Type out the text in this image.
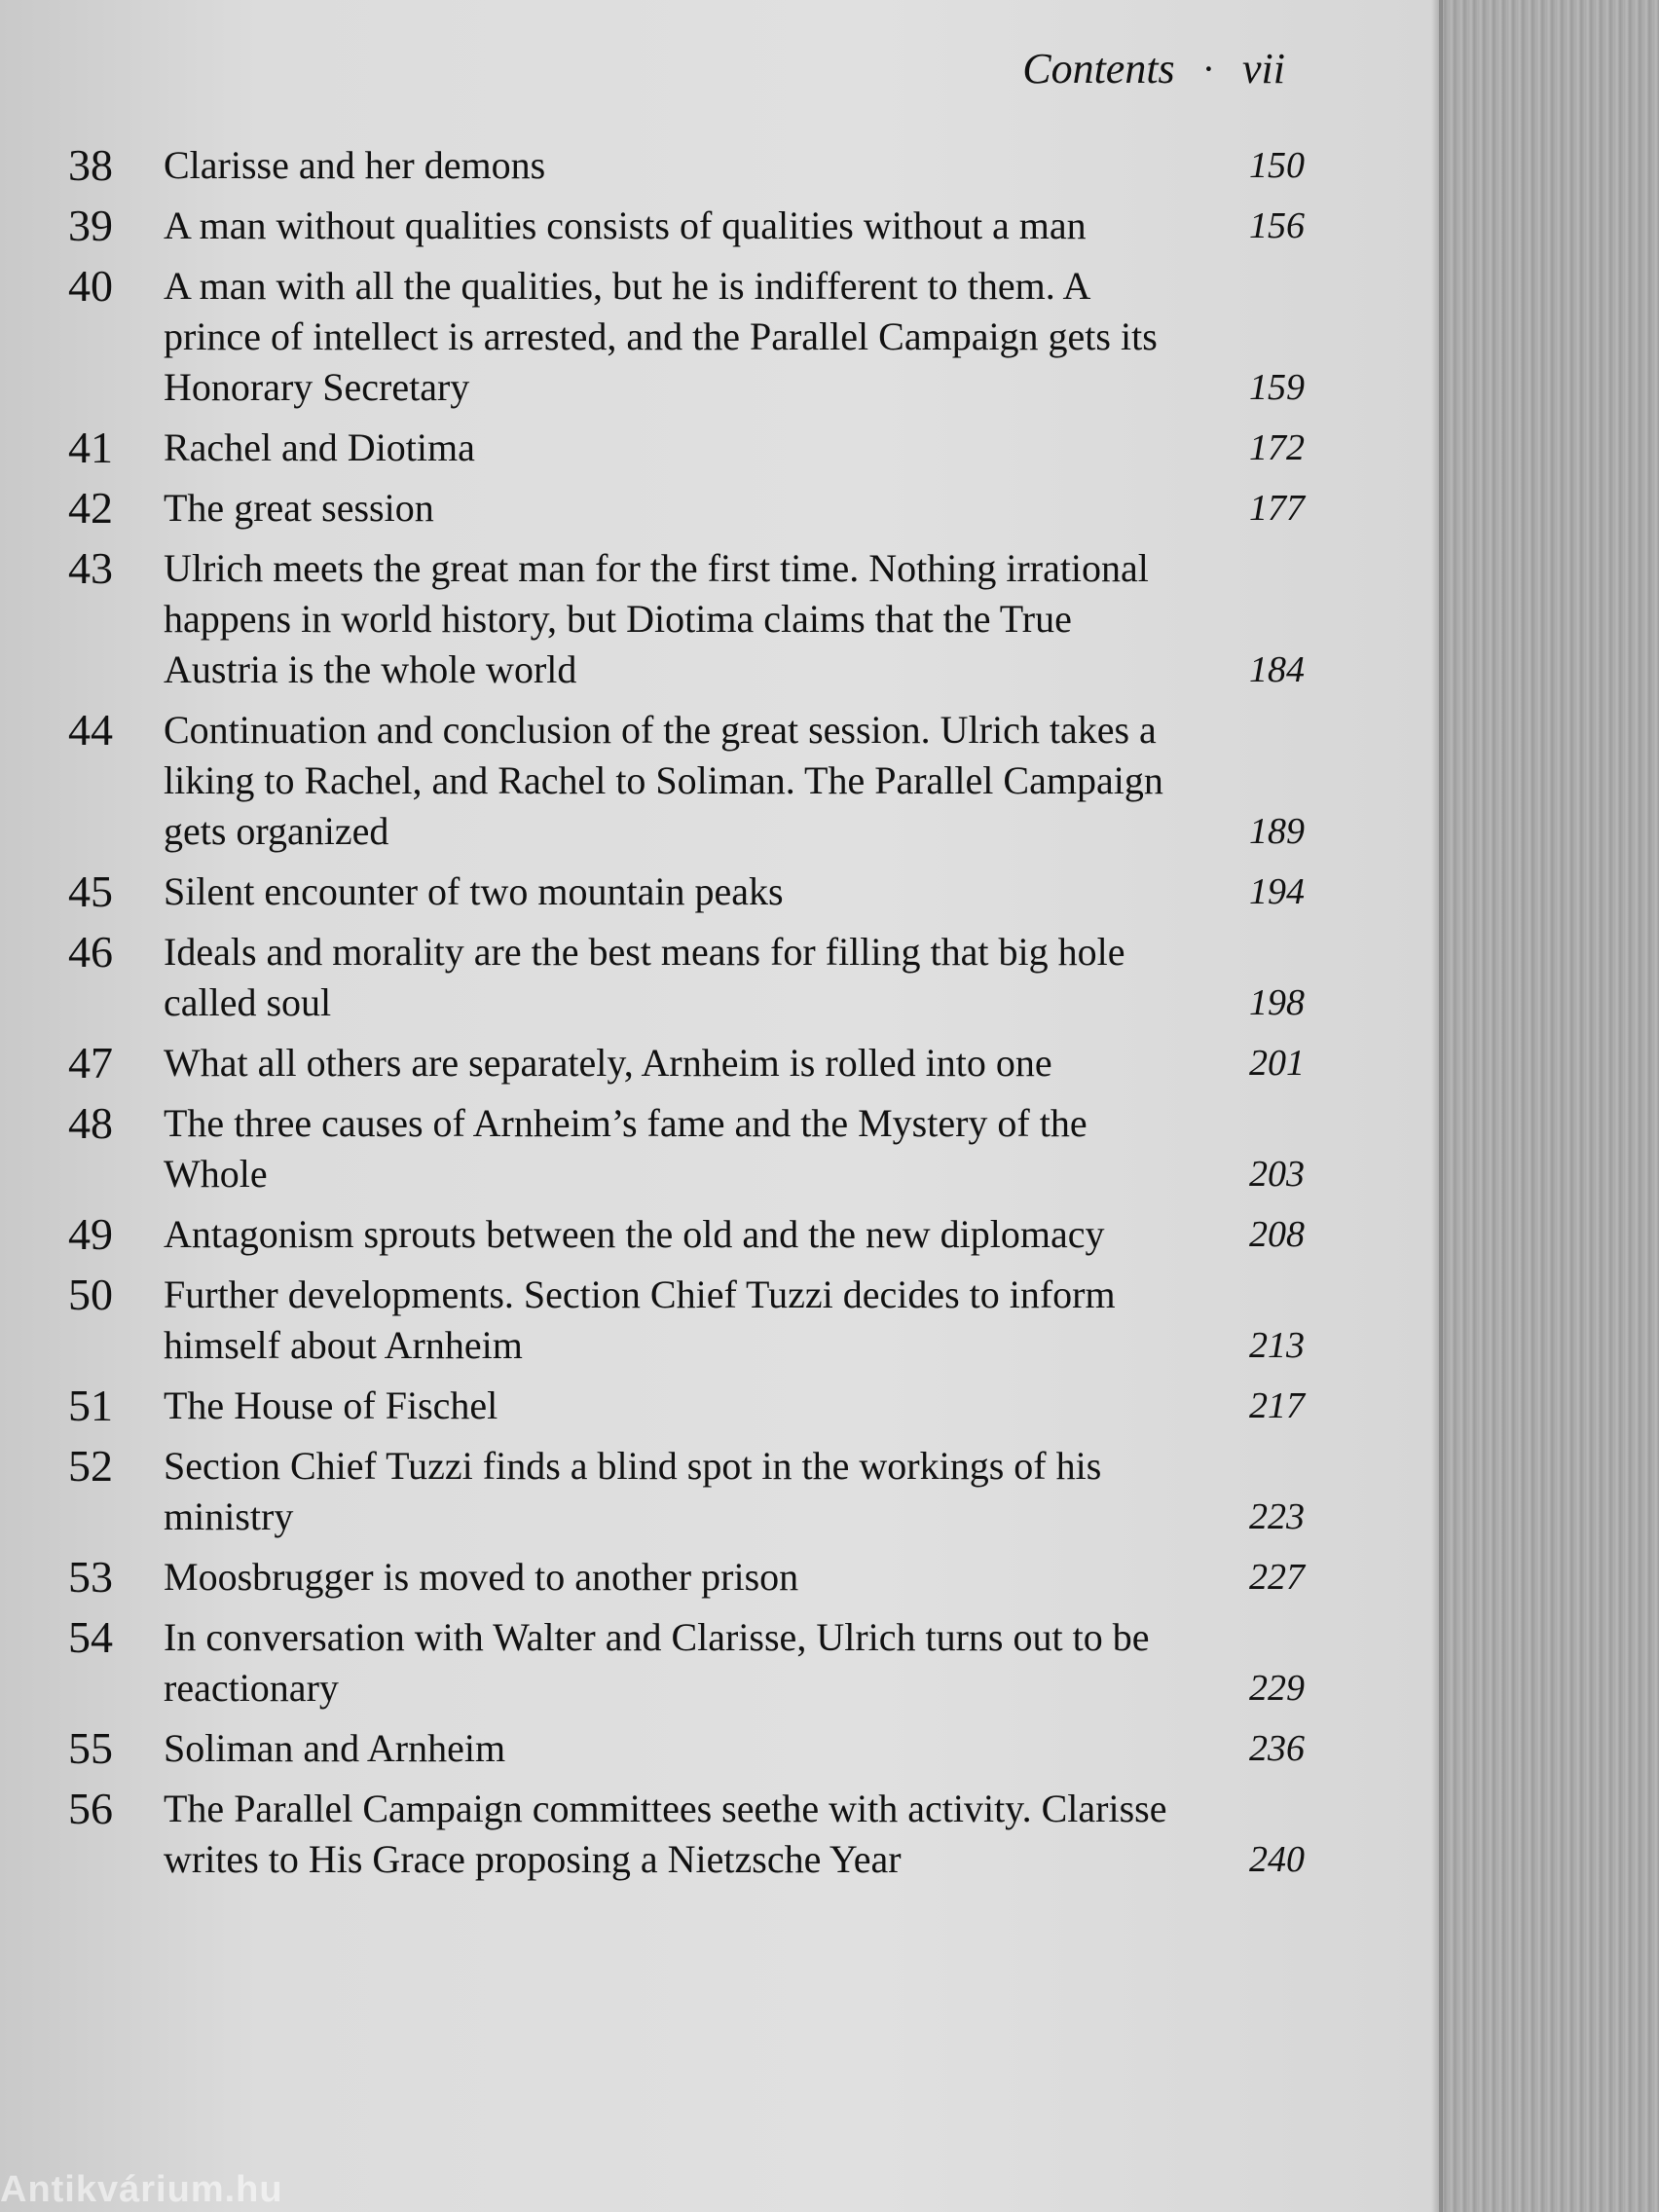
Contents · vii
38	Clarisse and her demons	150
39	A man without qualities consists of qualities without a man	156
40	A man with all the qualities, but he is indifferent to them. A prince of intellect is arrested, and the Parallel Campaign gets its Honorary Secretary	159
41	Rachel and Diotima	172
42	The great session	177
43	Ulrich meets the great man for the first time. Nothing irrational happens in world history, but Diotima claims that the True Austria is the whole world	184
44	Continuation and conclusion of the great session. Ulrich takes a liking to Rachel, and Rachel to Soliman. The Parallel Campaign gets organized	189
45	Silent encounter of two mountain peaks	194
46	Ideals and morality are the best means for filling that big hole called soul	198
47	What all others are separately, Arnheim is rolled into one	201
48	The three causes of Arnheim’s fame and the Mystery of the Whole	203
49	Antagonism sprouts between the old and the new diplomacy	208
50	Further developments. Section Chief Tuzzi decides to inform himself about Arnheim	213
51	The House of Fischel	217
52	Section Chief Tuzzi finds a blind spot in the workings of his ministry	223
53	Moosbrugger is moved to another prison	227
54	In conversation with Walter and Clarisse, Ulrich turns out to be reactionary	229
55	Soliman and Arnheim	236
56	The Parallel Campaign committees seethe with activity. Clarisse writes to His Grace proposing a Nietzsche Year	240
Antikvárium.hu
